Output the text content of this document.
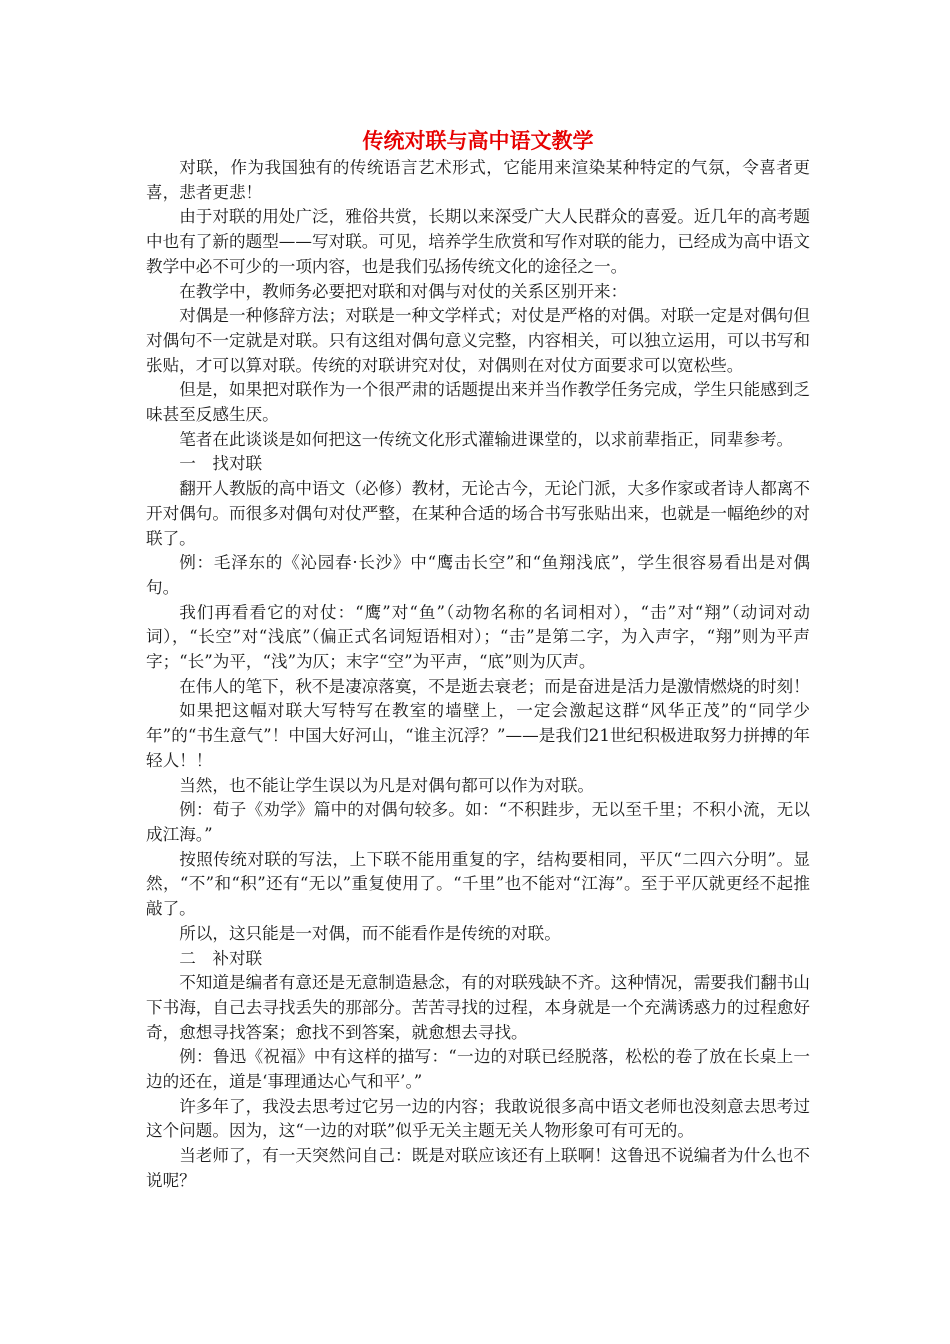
传统对联与高中语文教学

对联，作为我国独有的传统语言艺术形式，它能用来渲染某种特定的气氛，令喜者更喜，悲者更悲！

由于对联的用处广泛，雅俗共赏，长期以来深受广大人民群众的喜爱。近几年的高考题中也有了新的题型——写对联。可见，培养学生欣赏和写作对联的能力，已经成为高中语文教学中必不可少的一项内容，也是我们弘扬传统文化的途径之一。

在教学中，教师务必要把对联和对偶与对仗的关系区别开来：

对偶是一种修辞方法；对联是一种文学样式；对仗是严格的对偶。对联一定是对偶句但对偶句不一定就是对联。只有这组对偶句意义完整，内容相关，可以独立运用，可以书写和张贴，才可以算对联。传统的对联讲究对仗，对偶则在对仗方面要求可以宽松些。

但是，如果把对联作为一个很严肃的话题提出来并当作教学任务完成，学生只能感到乏味甚至反感生厌。

笔者在此谈谈是如何把这一传统文化形式灌输进课堂的，以求前辈指正，同辈参考。

一　找对联

翻开人教版的高中语文（必修）教材，无论古今，无论门派，大多作家或者诗人都离不开对偶句。而很多对偶句对仗严整，在某种合适的场合书写张贴出来，也就是一幅绝纱的对联了。

例：毛泽东的《沁园春·长沙》中“鹰击长空”和“鱼翔浅底”，学生很容易看出是对偶句。

我们再看看它的对仗：“鹰”对“鱼”（动物名称的名词相对），“击”对“翔”（动词对动词），“长空”对“浅底”（偏正式名词短语相对）；“击”是第二字，为入声字，“翔”则为平声字；“长”为平，“浅”为仄；末字“空”为平声，“底”则为仄声。

在伟人的笔下，秋不是凄凉落寞，不是逝去衰老；而是奋进是活力是激情燃烧的时刻！

如果把这幅对联大写特写在教室的墙壁上，一定会激起这群“风华正茂”的“同学少年”的“书生意气”！中国大好河山，“谁主沉浮？”——是我们21世纪积极进取努力拼搏的年轻人！！

当然，也不能让学生误以为凡是对偶句都可以作为对联。

例：荀子《劝学》篇中的对偶句较多。如：“不积跬步，无以至千里；不积小流，无以成江海。”

按照传统对联的写法，上下联不能用重复的字，结构要相同，平仄“二四六分明”。显然，“不”和“积”还有“无以”重复使用了。“千里”也不能对“江海”。至于平仄就更经不起推敲了。

所以，这只能是一对偶，而不能看作是传统的对联。

二　补对联

不知道是编者有意还是无意制造悬念，有的对联残缺不齐。这种情况，需要我们翻书山下书海，自己去寻找丢失的那部分。苦苦寻找的过程，本身就是一个充满诱惑力的过程愈好奇，愈想寻找答案；愈找不到答案，就愈想去寻找。

例：鲁迅《祝福》中有这样的描写：“一边的对联已经脱落，松松的卷了放在长桌上一边的还在，道是‘事理通达心气和平’。”

许多年了，我没去思考过它另一边的内容；我敢说很多高中语文老师也没刻意去思考过这个问题。因为，这“一边的对联”似乎无关主题无关人物形象可有可无的。

当老师了，有一天突然问自己：既是对联应该还有上联啊！这鲁迅不说编者为什么也不说呢？
